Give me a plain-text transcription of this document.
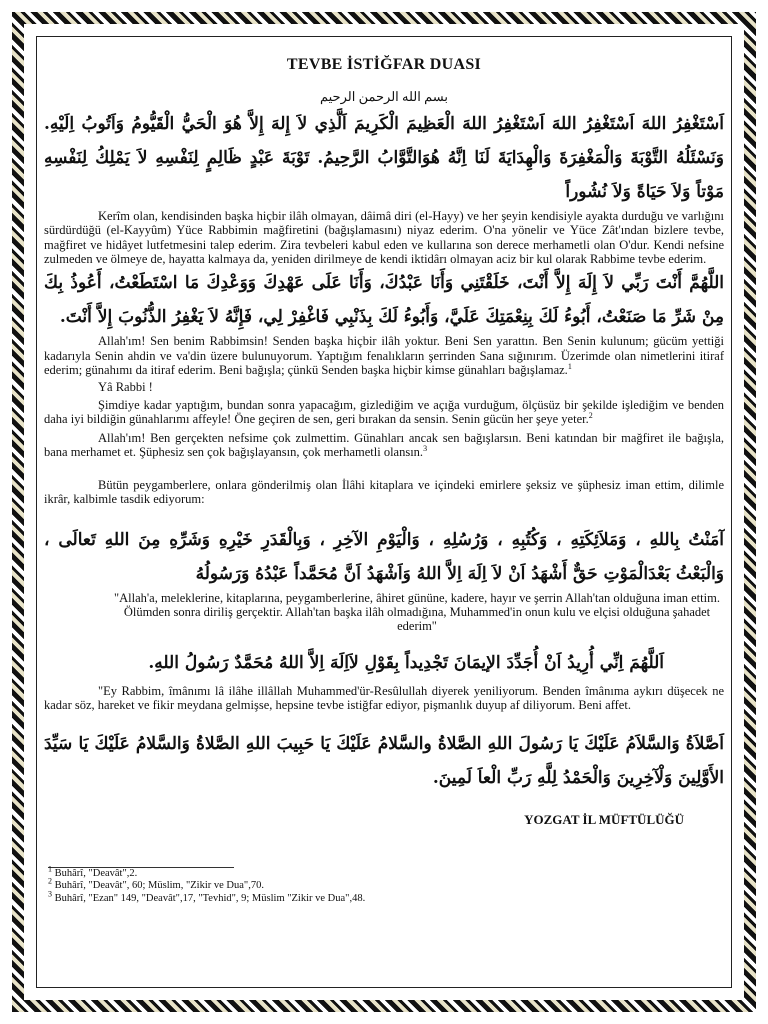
TEVBE İSTİĞFAR DUASI
بسم الله الرحمن الرحيم
اَسْتَغْفِرُ اللهَ اَسْتَغْفِرُ اللهَ اَسْتَغْفِرُ اللهَ الْعَظِيمَ الْكَرِيمَ اَلَّذِي لاَ إِلهَ إِلاَّ هُوَ الْحَيُّ الْقَيُّومُ وَاَتُوبُ اِلَيْهِ. وَنَسْئَلُهُ التَّوْبَةَ وَالْمَغْفِرَةَ وَالْهِدَايَةَ لَنَا اِنَّهُ هُوَالتَّوَّابُ الرَّحِيمُ. تَوْبَةَ عَبْدٍ ظَالِمٍ لِنَفْسِهِ لاَ يَمْلِكُ لِنَفْسِهِ مَوْتاً وَلاَ حَيَاةً وَلاَ نُشُوراً

Kerîm olan, kendisinden başka hiçbir ilâh olmayan, dâimâ diri (el-Hayy) ve her şeyin kendisiyle ayakta durduğu ve varlığını sürdürdüğü (el-Kayyûm) Yüce Rabbimin mağfiretini (bağışlamasını) niyaz ederim. O'na yönelir ve Yüce Zât'ından bizlere tevbe, mağfiret ve hidâyet lutfetmesini talep ederim. Zira tevbeleri kabul eden ve kullarına son derece merhametli olan O'dur. Kendi nefsine zulmeden ve ölmeye de, hayatta kalmaya da, yeniden dirilmeye de kendi iktidârı olmayan aciz bir kul olarak Rabbime tevbe ederim.

اللَّهُمَّ أَنْتَ رَبِّي لاَ إِلَهَ إِلاَّ أَنْتَ، خَلَقْتَنِي وَأَنَا عَبْدُكَ، وَأَنَا عَلَى عَهْدِكَ وَوَعْدِكَ مَا اسْتَطَعْتُ، أَعُوذُ بِكَ مِنْ شَرِّ مَا صَنَعْتُ، أَبُوءُ لَكَ بِنِعْمَتِكَ عَلَيَّ، وَأَبُوءُ لَكَ بِذَنْبِي فَاغْفِرْ لِي، فَإِنَّهُ لاَ يَغْفِرُ الذُّنُوبَ إِلاَّ أَنْتَ.

Allah'ım! Sen benim Rabbimsin! Senden başka hiçbir ilâh yoktur. Beni Sen yarattın. Ben Senin kulunum; gücüm yettiği kadarıyla Senin ahdin ve va'din üzere bulunuyorum. Yaptığım fenalıkların şerrinden Sana sığınırım. Üzerimde olan nimetlerini itiraf ederim; günahımı da itiraf ederim. Beni bağışla; çünkü Senden başka hiçbir kimse günahları bağışlamaz.$^1$

Yâ Rabbi !

Şimdiye kadar yaptığım, bundan sonra yapacağım, gizlediğim ve açığa vurduğum, ölçüsüz bir şekilde işlediğim ve benden daha iyi bildiğin günahlarımı affeyle! Öne geçiren de sen, geri bırakan da sensin. Senin gücün her şeye yeter.$^2$

Allah'ım! Ben gerçekten nefsime çok zulmettim. Günahları ancak sen bağışlarsın. Beni katından bir mağfiret ile bağışla, bana merhamet et. Şüphesiz sen çok bağışlayansın, çok merhametli olansın.$^3$

Bütün peygamberlere, onlara gönderilmiş olan İlâhi kitaplara ve içindeki emirlere şeksiz ve şüphesiz iman ettim, dilimle ikrâr, kalbimle tasdik ediyorum:

آمَنْتُ بِاللهِ ، وَمَلاَئِكَتِهِ ، وَكُتُبِهِ ، وَرُسُلِهِ ، وَالْيَوْمِ الآخِرِ ، وَبِالْقَدَرِ خَيْرِهِ وَشَرِّهِ مِنَ اللهِ تَعالَى ، وَالْبَعْثُ بَعْدَالْمَوْتِ حَقٌّ أَشْهَدُ اَنْ لاَ اِلَهَ اِلاَّ اللهُ وَاَشْهَدُ اَنَّ مُحَمَّداً عَبْدُهُ وَرَسُولُهُ

"Allah'a, meleklerine, kitaplarına, peygamberlerine, âhiret gününe, kadere, hayır ve şerrin Allah'tan olduğuna iman ettim. Ölümden sonra diriliş gerçektir. Allah'tan başka ilâh olmadığına, Muhammed'in onun kulu ve elçisi olduğuna şahadet ederim"

اَللَّهُمَ اِنِّي أُرِيدُ اَنْ أُجَدِّدَ الإيمَانَ تَجْدِيداً بِقَوْلِ لاَاِلَهَ اِلاَّ اللهُ مُحَمَّدٌ رَسُولُ اللهِ.

"Ey Rabbim, îmânımı lâ ilâhe illâllah Muhammed'ür-Resûlullah diyerek yeniliyorum. Benden îmânıma aykırı düşecek ne kadar söz, hareket ve fikir meydana gelmişse, hepsine tevbe istiğfar ediyor, pişmanlık duyup af diliyorum. Beni affet.

اَصَّلاَةُ وَالسَّلاَمُ عَلَيْكَ يَا رَسُولَ اللهِ الصَّلاةُ والسَّلامُ عَلَيْكَ يَا حَبِيبَ اللهِ الصَّلاةُ وَالسَّلامُ عَلَيْكَ يَا سَيِّدَ الأَوَّلِينَ وَلْآخِرِينَ وَالْحَمْدُ لِلَّهِ رَبِّ الْعاَ لَمِينَ.
YOZGAT İL MÜFTÜLÜĞÜ
$^1$ Buhârî, "Deavât",2.
$^2$ Buhârî, "Deavât", 60; Müslim, "Zikir ve Dua",70.
$^3$ Buhârî, "Ezan" 149, "Deavât",17, "Tevhid", 9; Müslim "Zikir ve Dua",48.
